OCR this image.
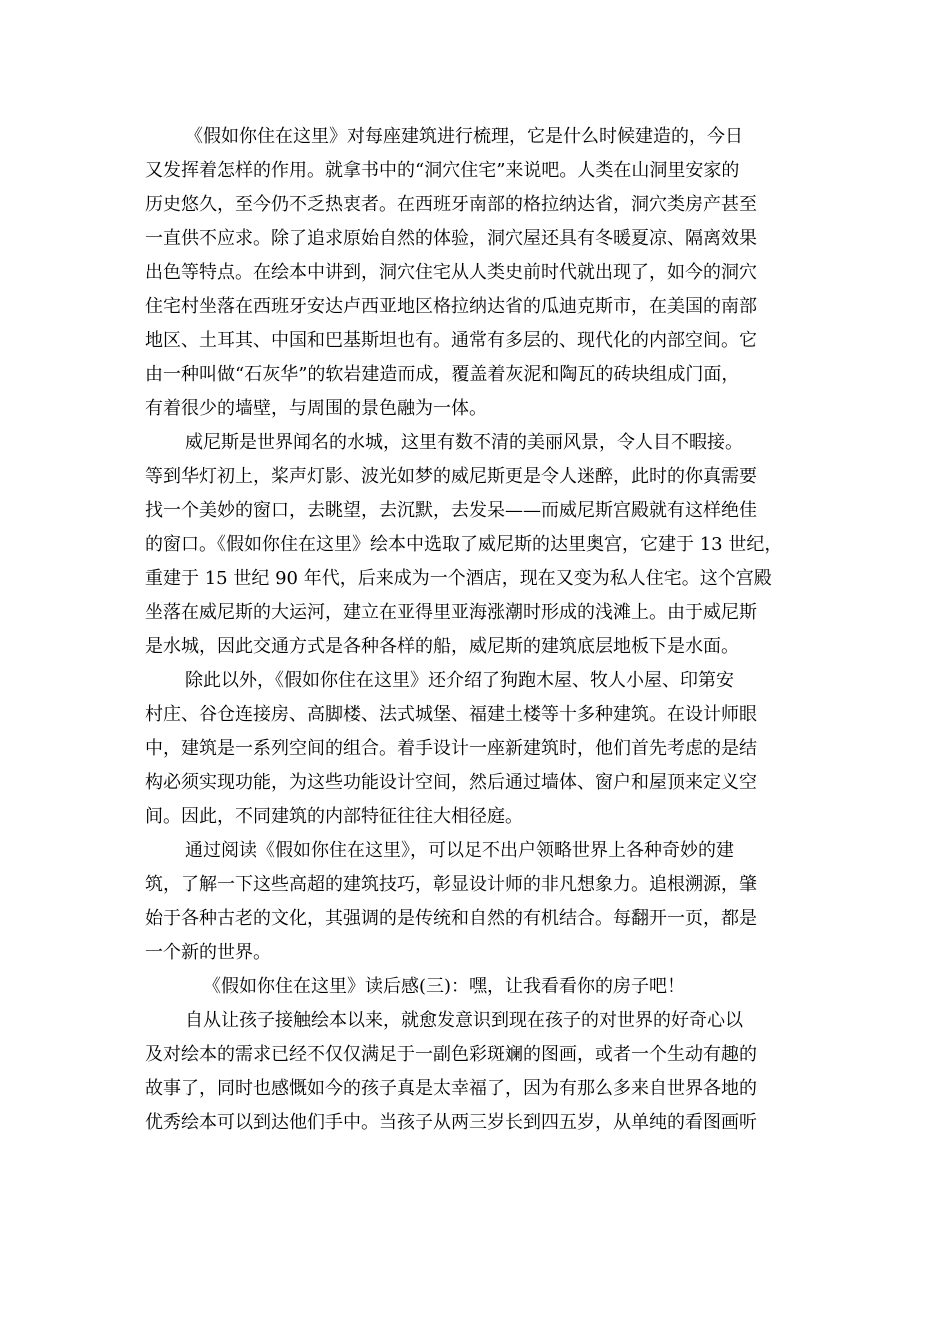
《假如你住在这里》对每座建筑进行梳理，它是什么时候建造的，今日
又发挥着怎样的作用。就拿书中的“洞穴住宅”来说吧。人类在山洞里安家的
历史悠久，至今仍不乏热衷者。在西班牙南部的格拉纳达省，洞穴类房产甚至
一直供不应求。除了追求原始自然的体验，洞穴屋还具有冬暖夏凉、隔离效果
出色等特点。在绘本中讲到，洞穴住宅从人类史前时代就出现了，如今的洞穴
住宅村坐落在西班牙安达卢西亚地区格拉纳达省的瓜迪克斯市，在美国的南部
地区、土耳其、中国和巴基斯坦也有。通常有多层的、现代化的内部空间。它
由一种叫做“石灰华”的软岩建造而成，覆盖着灰泥和陶瓦的砖块组成门面，
有着很少的墙壁，与周围的景色融为一体。
威尼斯是世界闻名的水城，这里有数不清的美丽风景，令人目不暇接。
等到华灯初上，桨声灯影、波光如梦的威尼斯更是令人迷醉，此时的你真需要
找一个美妙的窗口，去眺望，去沉默，去发呆——而威尼斯宫殿就有这样绝佳
的窗口。《假如你住在这里》绘本中选取了威尼斯的达里奥宫，它建于 13 世纪，
重建于 15 世纪 90 年代，后来成为一个酒店，现在又变为私人住宅。这个宫殿
坐落在威尼斯的大运河，建立在亚得里亚海涨潮时形成的浅滩上。由于威尼斯
是水城，因此交通方式是各种各样的船，威尼斯的建筑底层地板下是水面。
除此以外，《假如你住在这里》还介绍了狗跑木屋、牧人小屋、印第安
村庄、谷仓连接房、高脚楼、法式城堡、福建土楼等十多种建筑。在设计师眼
中，建筑是一系列空间的组合。着手设计一座新建筑时，他们首先考虑的是结
构必须实现功能，为这些功能设计空间，然后通过墙体、窗户和屋顶来定义空
间。因此，不同建筑的内部特征往往大相径庭。
通过阅读《假如你住在这里》，可以足不出户领略世界上各种奇妙的建
筑，了解一下这些高超的建筑技巧，彰显设计师的非凡想象力。追根溯源，肇
始于各种古老的文化，其强调的是传统和自然的有机结合。每翻开一页，都是
一个新的世界。
《假如你住在这里》读后感(三)：嘿，让我看看你的房子吧！
自从让孩子接触绘本以来，就愈发意识到现在孩子的对世界的好奇心以
及对绘本的需求已经不仅仅满足于一副色彩斑斓的图画，或者一个生动有趣的
故事了，同时也感慨如今的孩子真是太幸福了，因为有那么多来自世界各地的
优秀绘本可以到达他们手中。当孩子从两三岁长到四五岁，从单纯的看图画听
